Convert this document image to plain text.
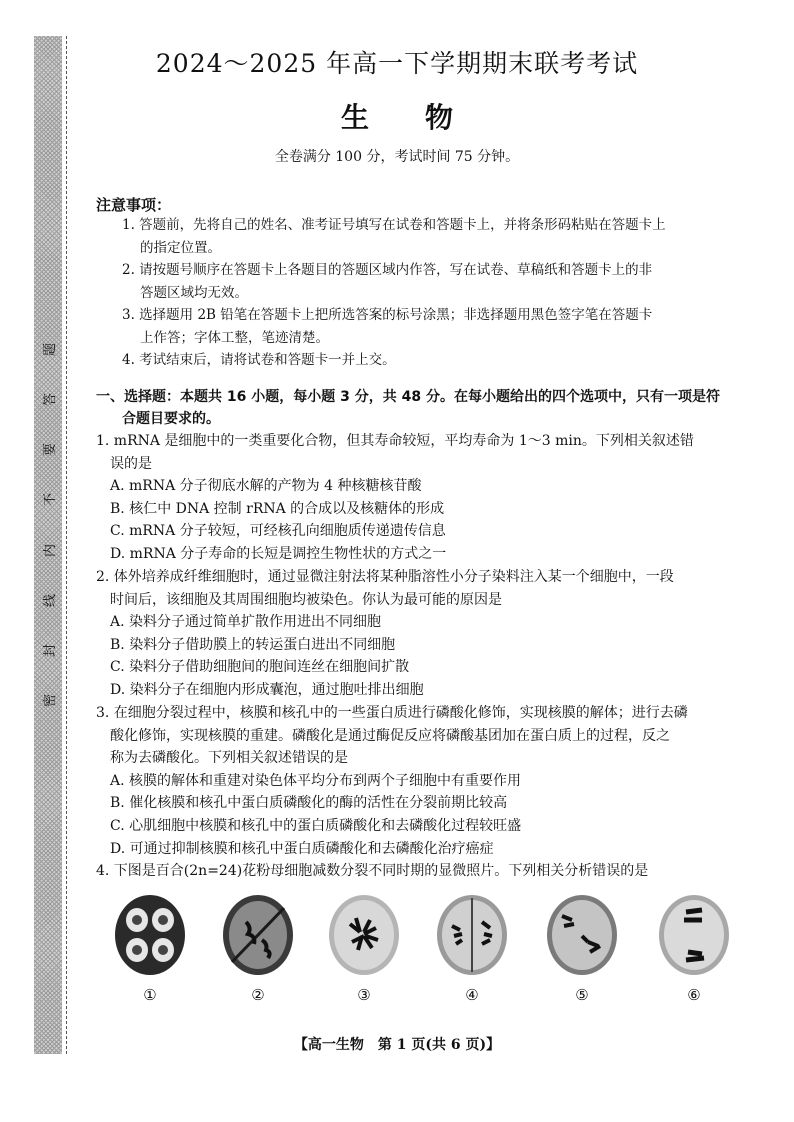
题
答
要
不
内
线
封
密
2024～2025 年高一下学期期末联考考试
生物
全卷满分 100 分，考试时间 75 分钟。
注意事项：

1. 答题前，先将自己的姓名、准考证号填写在试卷和答题卡上，并将条形码粘贴在答题卡上

的指定位置。

2. 请按题号顺序在答题卡上各题目的答题区域内作答，写在试卷、草稿纸和答题卡上的非

答题区域均无效。

3. 选择题用 2B 铅笔在答题卡上把所选答案的标号涂黑；非选择题用黑色签字笔在答题卡

上作答；字体工整，笔迹清楚。

4. 考试结束后，请将试卷和答题卡一并上交。

一、选择题：本题共 16 小题，每小题 3 分，共 48 分。在每小题给出的四个选项中，只有一项是符
合题目要求的。

1. mRNA 是细胞中的一类重要化合物，但其寿命较短，平均寿命为 1～3 min。下列相关叙述错

误的是

A. mRNA 分子彻底水解的产物为 4 种核糖核苷酸

B. 核仁中 DNA 控制 rRNA 的合成以及核糖体的形成

C. mRNA 分子较短，可经核孔向细胞质传递遗传信息

D. mRNA 分子寿命的长短是调控生物性状的方式之一

2. 体外培养成纤维细胞时，通过显微注射法将某种脂溶性小分子染料注入某一个细胞中，一段

时间后，该细胞及其周围细胞均被染色。你认为最可能的原因是

A. 染料分子通过简单扩散作用进出不同细胞

B. 染料分子借助膜上的转运蛋白进出不同细胞

C. 染料分子借助细胞间的胞间连丝在细胞间扩散

D. 染料分子在细胞内形成囊泡，通过胞吐排出细胞

3. 在细胞分裂过程中，核膜和核孔中的一些蛋白质进行磷酸化修饰，实现核膜的解体；进行去磷

酸化修饰，实现核膜的重建。磷酸化是通过酶促反应将磷酸基团加在蛋白质上的过程，反之

称为去磷酸化。下列相关叙述错误的是

A. 核膜的解体和重建对染色体平均分布到两个子细胞中有重要作用

B. 催化核膜和核孔中蛋白质磷酸化的酶的活性在分裂前期比较高

C. 心肌细胞中核膜和核孔中的蛋白质磷酸化和去磷酸化过程较旺盛

D. 可通过抑制核膜和核孔中蛋白质磷酸化和去磷酸化治疗癌症

4. 下图是百合(2n=24)花粉母细胞减数分裂不同时期的显微照片。下列相关分析错误的是

①	②	③	④	⑤	⑥
【高一生物　第 1 页(共 6 页)】
